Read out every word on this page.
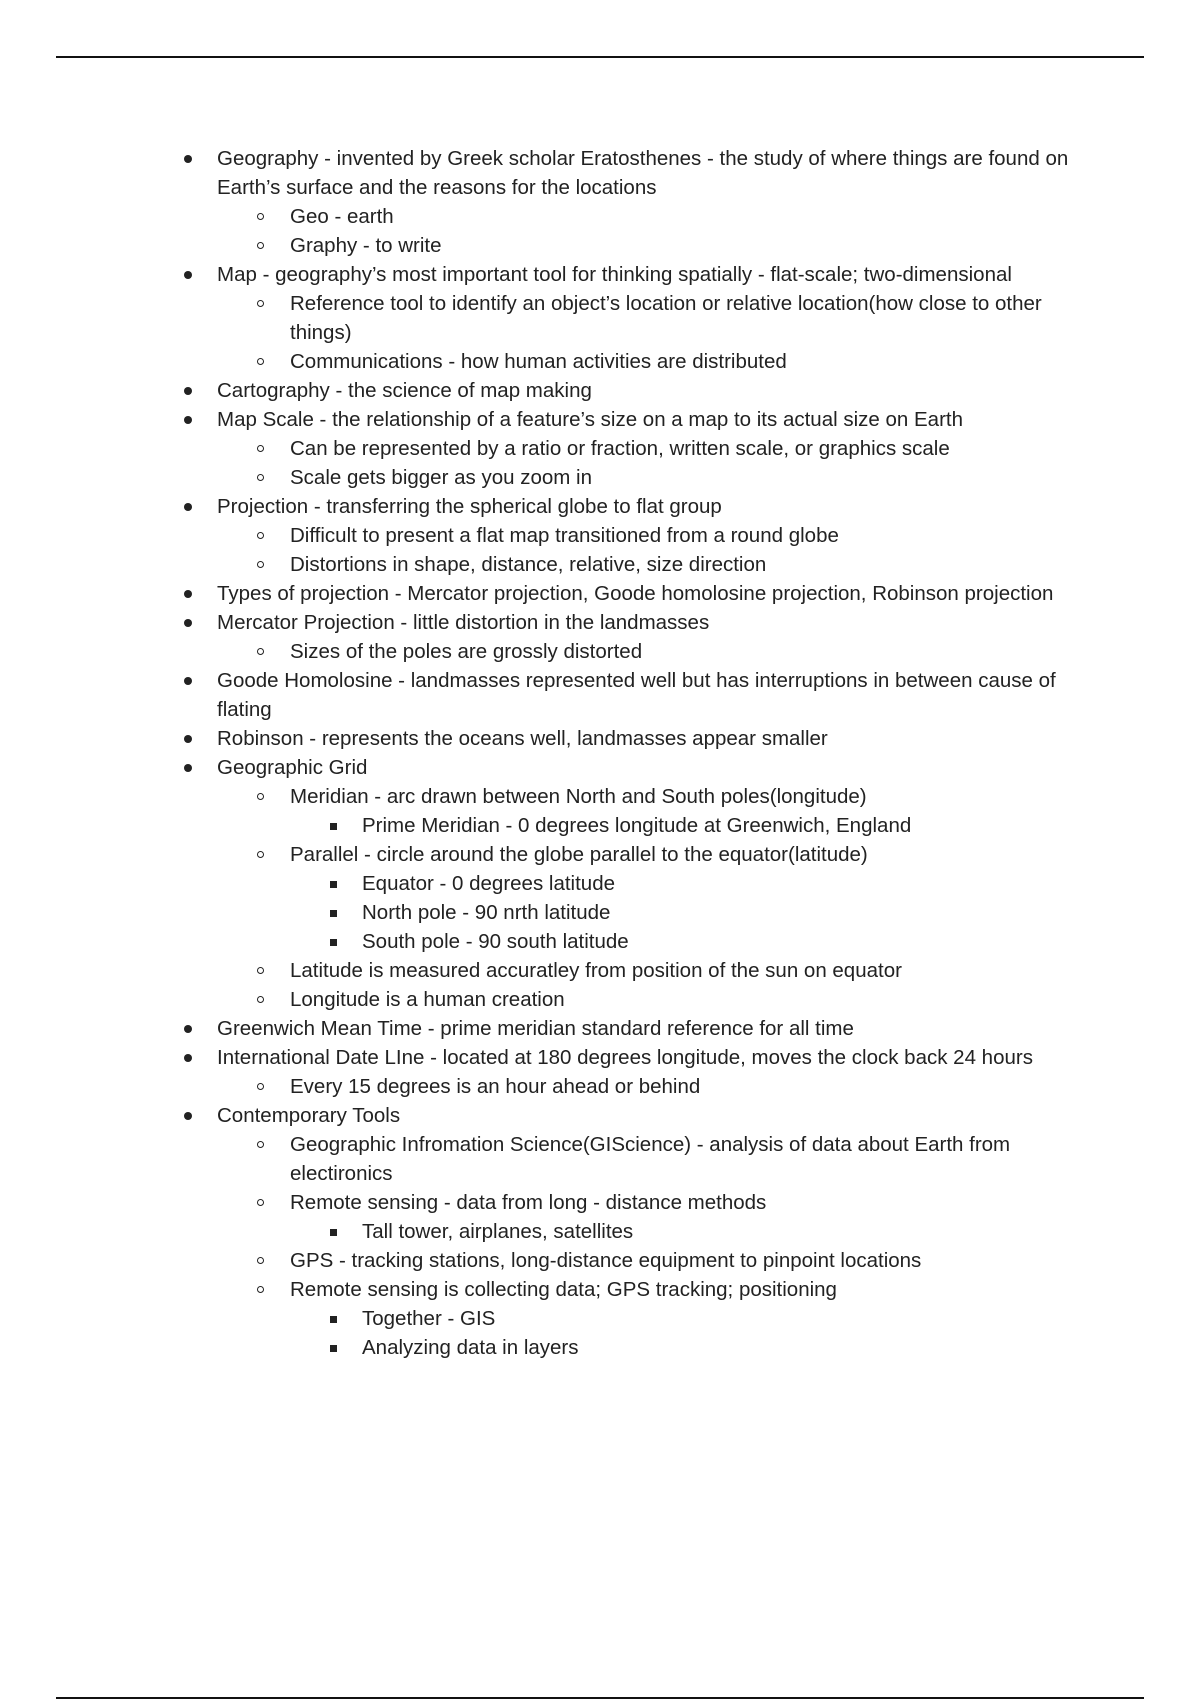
Geography - invented by Greek scholar Eratosthenes - the study of where things are found on Earth’s surface and the reasons for the locations
Geo - earth
Graphy - to write
Map - geography’s most important tool for thinking spatially - flat-scale; two-dimensional
Reference tool to identify an object’s location or relative location(how close to other things)
Communications - how human activities are distributed
Cartography - the science of map making
Map Scale - the relationship of a feature’s size on a map to its actual size on Earth
Can be represented by a ratio or fraction, written scale, or graphics scale
Scale gets bigger as you zoom in
Projection - transferring the spherical globe to flat group
Difficult to present a flat map transitioned from a round globe
Distortions in shape, distance, relative, size direction
Types of projection - Mercator projection, Goode homolosine projection, Robinson projection
Mercator Projection - little distortion in the landmasses
Sizes of the poles are grossly distorted
Goode Homolosine - landmasses represented well but has interruptions in between cause of flating
Robinson - represents the oceans well, landmasses appear smaller
Geographic Grid
Meridian - arc drawn between North and South poles(longitude)
Prime Meridian - 0 degrees longitude at Greenwich, England
Parallel - circle around the globe parallel to the equator(latitude)
Equator - 0 degrees latitude
North pole - 90 nrth latitude
South pole - 90 south latitude
Latitude is measured accuratley from position of the sun on equator
Longitude is a human creation
Greenwich Mean Time - prime meridian standard reference for all time
International Date LIne - located at 180 degrees longitude, moves the clock back 24 hours
Every 15 degrees is an hour ahead or behind
Contemporary Tools
Geographic Infromation Science(GIScience) - analysis of data about Earth from electironics
Remote sensing - data from long - distance methods
Tall tower, airplanes, satellites
GPS - tracking stations, long-distance equipment to pinpoint locations
Remote sensing is collecting data; GPS tracking; positioning
Together - GIS
Analyzing data in layers
